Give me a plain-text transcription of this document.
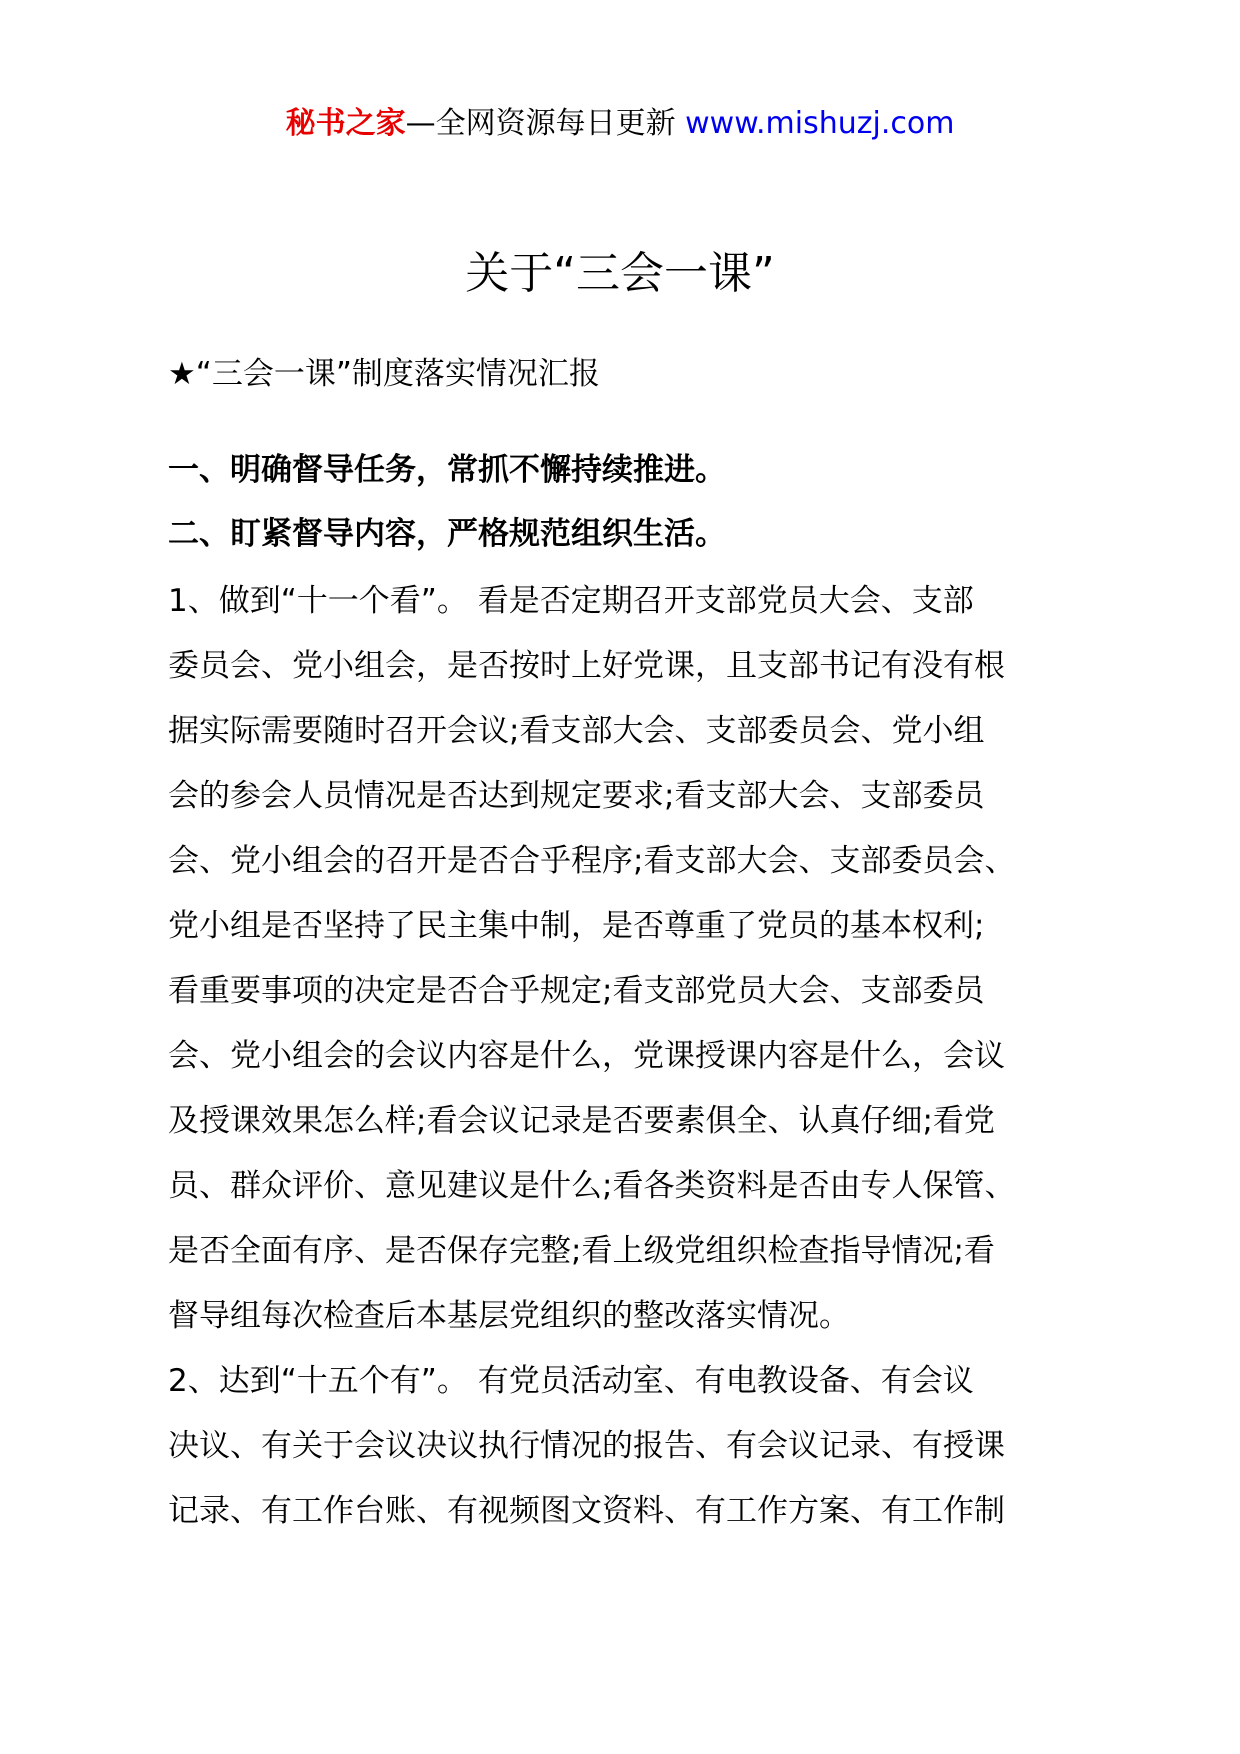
秘书之家—全网资源每日更新 www.mishuzj.com
关于“三会一课”
★“三会一课”制度落实情况汇报
一、明确督导任务，常抓不懈持续推进。
二、盯紧督导内容，严格规范组织生活。
1、做到“十一个看”。 看是否定期召开支部党员大会、支部
委员会、党小组会，是否按时上好党课，且支部书记有没有根
据实际需要随时召开会议;看支部大会、支部委员会、党小组
会的参会人员情况是否达到规定要求;看支部大会、支部委员
会、党小组会的召开是否合乎程序;看支部大会、支部委员会、
党小组是否坚持了民主集中制，是否尊重了党员的基本权利;
看重要事项的决定是否合乎规定;看支部党员大会、支部委员
会、党小组会的会议内容是什么，党课授课内容是什么，会议
及授课效果怎么样;看会议记录是否要素俱全、认真仔细;看党
员、群众评价、意见建议是什么;看各类资料是否由专人保管、
是否全面有序、是否保存完整;看上级党组织检查指导情况;看
督导组每次检查后本基层党组织的整改落实情况。
2、达到“十五个有”。 有党员活动室、有电教设备、有会议
决议、有关于会议决议执行情况的报告、有会议记录、有授课
记录、有工作台账、有视频图文资料、有工作方案、有工作制
